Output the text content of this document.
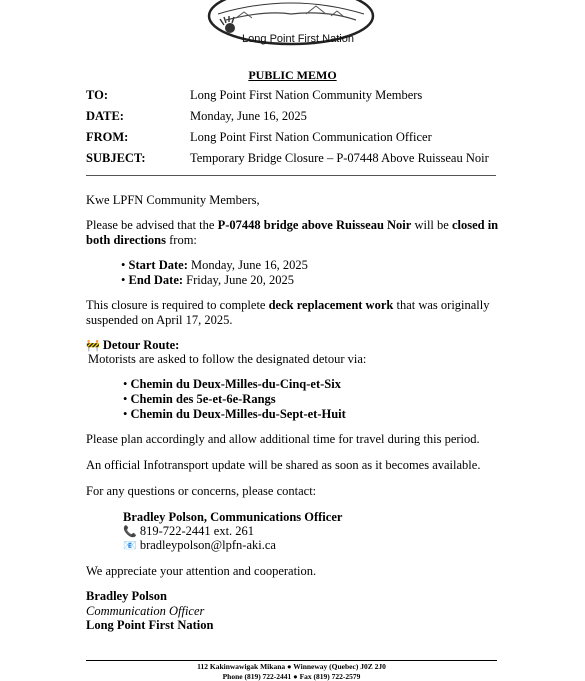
Long Point First Nation
PUBLIC MEMO
TO:	Long Point First Nation Community Members
DATE:	Monday, June 16, 2025
FROM:	Long Point First Nation Communication Officer
SUBJECT:	Temporary Bridge Closure – P-07448 Above Ruisseau Noir
Kwe LPFN Community Members,
Please be advised that the P-07448 bridge above Ruisseau Noir will be closed in both directions from:
• Start Date: Monday, June 16, 2025
• End Date: Friday, June 20, 2025
This closure is required to complete deck replacement work that was originally suspended on April 17, 2025.
🚧 Detour Route:
Motorists are asked to follow the designated detour via:
• Chemin du Deux-Milles-du-Cinq-et-Six
• Chemin des 5e-et-6e-Rangs
• Chemin du Deux-Milles-du-Sept-et-Huit
Please plan accordingly and allow additional time for travel during this period.
An official Infotransport update will be shared as soon as it becomes available.
For any questions or concerns, please contact:
Bradley Polson, Communications Officer
📞 819-722-2441 ext. 261
📧 bradleypolson@lpfn-aki.ca
We appreciate your attention and cooperation.
Bradley Polson
Communication Officer
Long Point First Nation
112 Kakinwawigak Mikana ● Winneway (Quebec) J0Z 2J0
Phone (819) 722-2441 ● Fax (819) 722-2579
